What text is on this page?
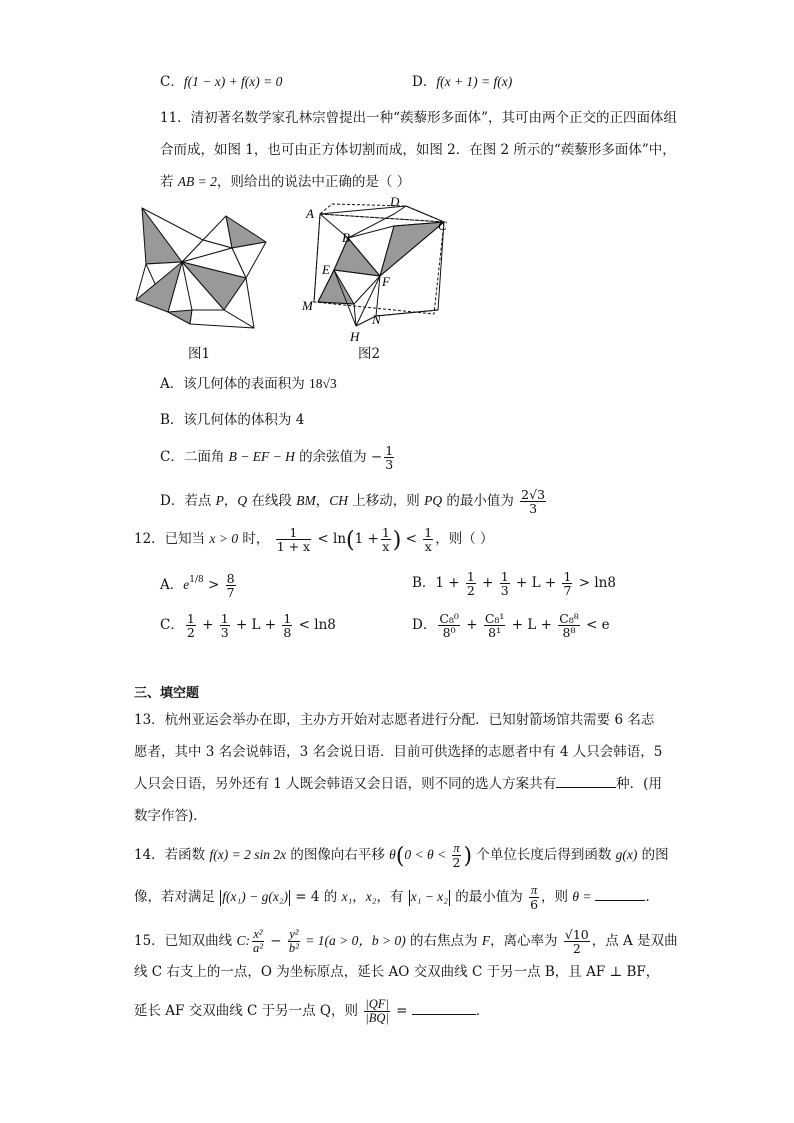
C．f(1 − x) + f(x) = 0	D．f(x + 1) = f(x)
11．清初著名数学家孔林宗曾提出一种“蒺藜形多面体”，其可由两个正交的正四面体组
合而成，如图 1，也可由正方体切割而成，如图 2．在图 2 所示的“蒺藜形多面体”中，
若 AB = 2，则给出的说法中正确的是（ ）
图1
A
D
C
B
E
F
M
N
H
图2
A．该几何体的表面积为 18√3
B．该几何体的体积为 4
C．二面角 B − EF − H 的余弦值为 − $\frac{1}{3}$
D．若点 P，Q 在线段 BM，CH 上移动，则 PQ 的最小值为 $\frac{2√3}{3}$
12．已知当 x > 0 时， $\frac{1}{1 + x} < \ln(1 + \frac{1}{x}$ ) < $\frac{1}{x}$ ，则（ ）
A．$e^{1/8} > \frac{8}{7}$	B．$1 + \frac{1}{2} + \frac{1}{3} + L + \frac{1}{7} > \ln 8$
C． $\frac{1}{2} + \frac{1}{3} + L + \frac{1}{8} < \ln 8$	D． $\frac{\text{C₈⁰}}{\text{8⁰}} + \frac{\text{C₈¹}}{\text{8¹}} + L + \frac{\text{C₈⁸}}{\text{8⁸}} < e$
三、填空题
13．杭州亚运会举办在即，主办方开始对志愿者进行分配．已知射箭场馆共需要 6 名志
愿者，其中 3 名会说韩语，3 名会说日语．目前可供选择的志愿者中有 4 人只会韩语，5
人只会日语，另外还有 1 人既会韩语又会日语，则不同的选人方案共有	种．(用
数字作答)．
14．若函数 f(x) = 2 sin 2x 的图像向右平移 $\theta(0 < \theta < \frac{\pi}{2}$ ) 个单位长度后得到函数 g(x) 的图
像，若对满足 f(x₁) − g(x₂) = 4 的 x₁，x₂，有 x₁ − x₂ 的最小值为 $\frac{\pi}{6}$ ，则 θ =	．
15．已知双曲线 C: $\frac{\text{x²}}{\text{a²}} - \frac{\text{y²}}{\text{b²}} = 1(a > 0$，b > 0) 的右焦点为 F，离心率为 $\frac{√10}{2}$ ，点 A 是双曲
线 C 右支上的一点，O 为坐标原点，延长 AO 交双曲线 C 于另一点 B，且 AF ⊥ BF，
延长 AF 交双曲线 C 于另一点 Q，则 $\frac{|QF|}{|BQ|}$ =	．
